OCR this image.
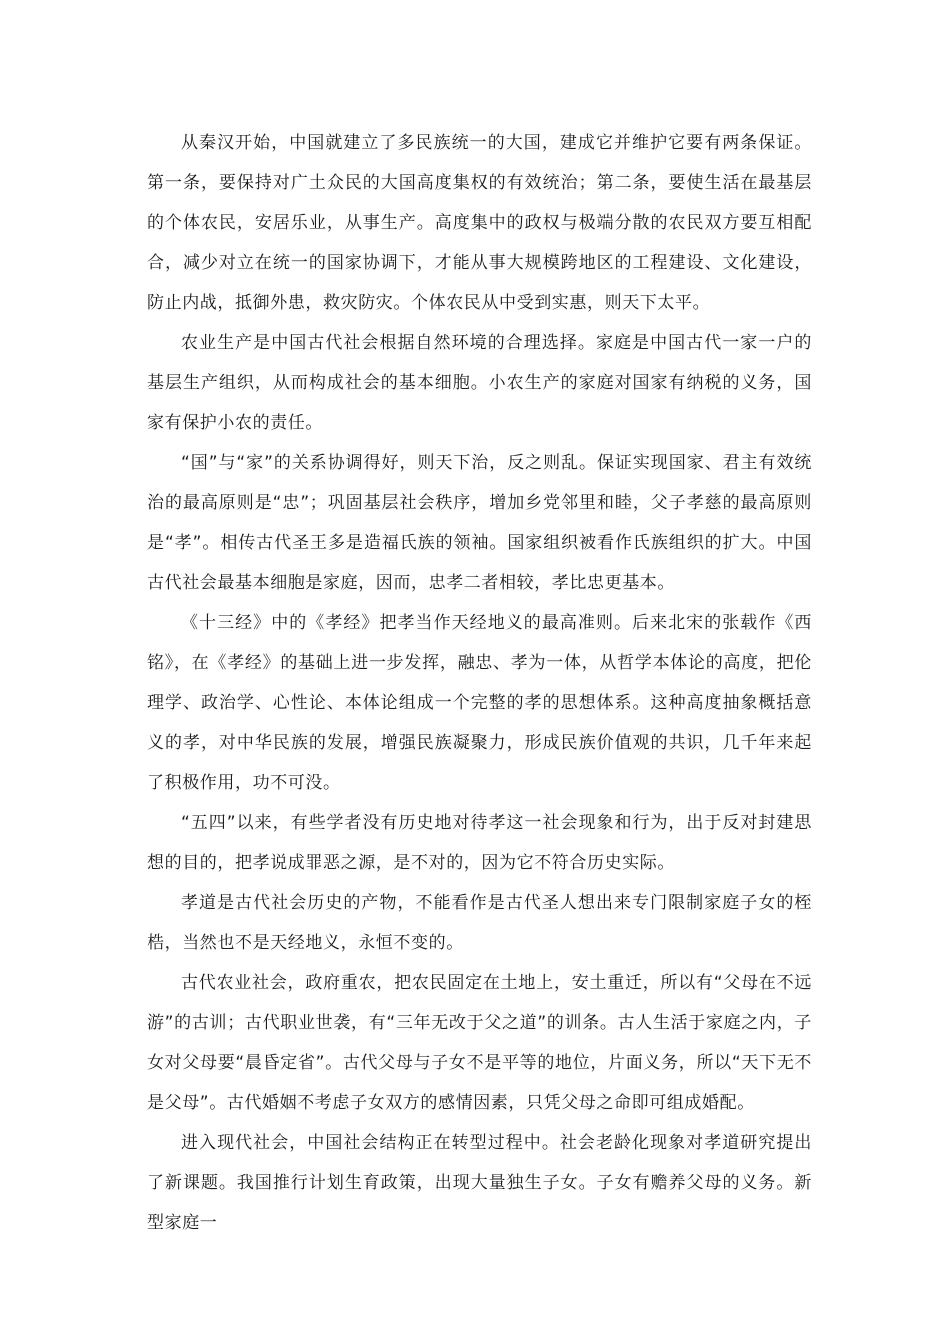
从秦汉开始，中国就建立了多民族统一的大国，建成它并维护它要有两条保证。第一条，要保持对广土众民的大国高度集权的有效统治；第二条，要使生活在最基层的个体农民，安居乐业，从事生产。高度集中的政权与极端分散的农民双方要互相配合，减少对立在统一的国家协调下，才能从事大规模跨地区的工程建设、文化建设，防止内战，抵御外患，救灾防灾。个体农民从中受到实惠，则天下太平。

农业生产是中国古代社会根据自然环境的合理选择。家庭是中国古代一家一户的基层生产组织，从而构成社会的基本细胞。小农生产的家庭对国家有纳税的义务，国家有保护小农的责任。

“国”与“家”的关系协调得好，则天下治，反之则乱。保证实现国家、君主有效统治的最高原则是“忠”；巩固基层社会秩序，增加乡党邻里和睦，父子孝慈的最高原则是“孝”。相传古代圣王多是造福氏族的领袖。国家组织被看作氏族组织的扩大。中国古代社会最基本细胞是家庭，因而，忠孝二者相较，孝比忠更基本。

《十三经》中的《孝经》把孝当作天经地义的最高准则。后来北宋的张载作《西铭》，在《孝经》的基础上进一步发挥，融忠、孝为一体，从哲学本体论的高度，把伦理学、政治学、心性论、本体论组成一个完整的孝的思想体系。这种高度抽象概括意义的孝，对中华民族的发展，增强民族凝聚力，形成民族价值观的共识，几千年来起了积极作用，功不可没。

“五四”以来，有些学者没有历史地对待孝这一社会现象和行为，出于反对封建思想的目的，把孝说成罪恶之源，是不对的，因为它不符合历史实际。

孝道是古代社会历史的产物，不能看作是古代圣人想出来专门限制家庭子女的桎梏，当然也不是天经地义，永恒不变的。

古代农业社会，政府重农，把农民固定在土地上，安土重迁，所以有“父母在不远游”的古训；古代职业世袭，有“三年无改于父之道”的训条。古人生活于家庭之内，子女对父母要“晨昏定省”。古代父母与子女不是平等的地位，片面义务，所以“天下无不是父母”。古代婚姻不考虑子女双方的感情因素，只凭父母之命即可组成婚配。

进入现代社会，中国社会结构正在转型过程中。社会老龄化现象对孝道研究提出了新课题。我国推行计划生育政策，出现大量独生子女。子女有赡养父母的义务。新型家庭一
